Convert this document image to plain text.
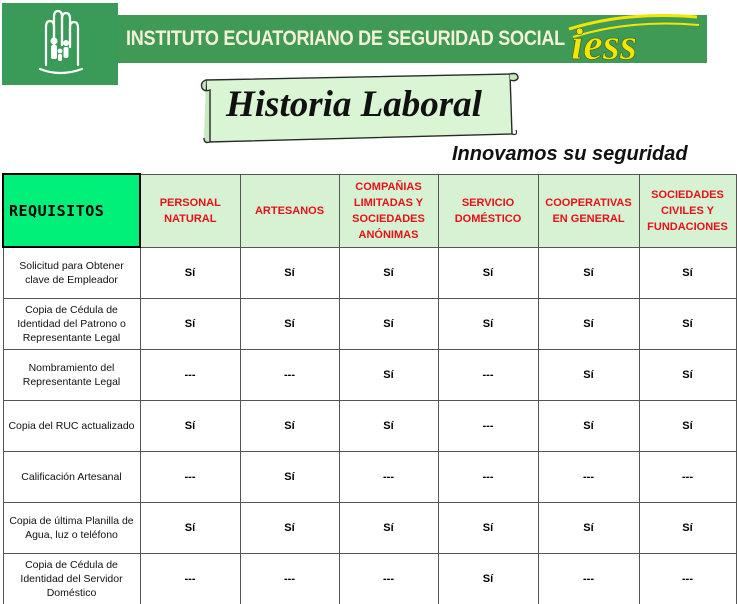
INSTITUTO ECUATORIANO DE SEGURIDAD SOCIAL iess
Historia Laboral
Innovamos su seguridad
REQUISITOS	PERSONAL NATURAL	ARTESANOS	COMPAÑIAS LIMITADAS Y SOCIEDADES ANÓNIMAS	SERVICIO DOMÉSTICO	COOPERATIVAS EN GENERAL	SOCIEDADES CIVILES Y FUNDACIONES
Solicitud para Obtener clave de Empleador	Sí	Sí	Sí	Sí	Sí	Sí
Copia de Cédula de Identidad del Patrono o Representante Legal	Sí	Sí	Sí	Sí	Sí	Sí
Nombramiento del Representante Legal	---	---	Sí	---	Sí	Sí
Copia del RUC actualizado	Sí	Sí	Sí	---	Sí	Sí
Calificación Artesanal	---	Sí	---	---	---	---
Copia de última Planilla de Agua, luz o teléfono	Sí	Sí	Sí	Sí	Sí	Sí
Copia de Cédula de Identidad del Servidor Doméstico	---	---	---	Sí	---	---
